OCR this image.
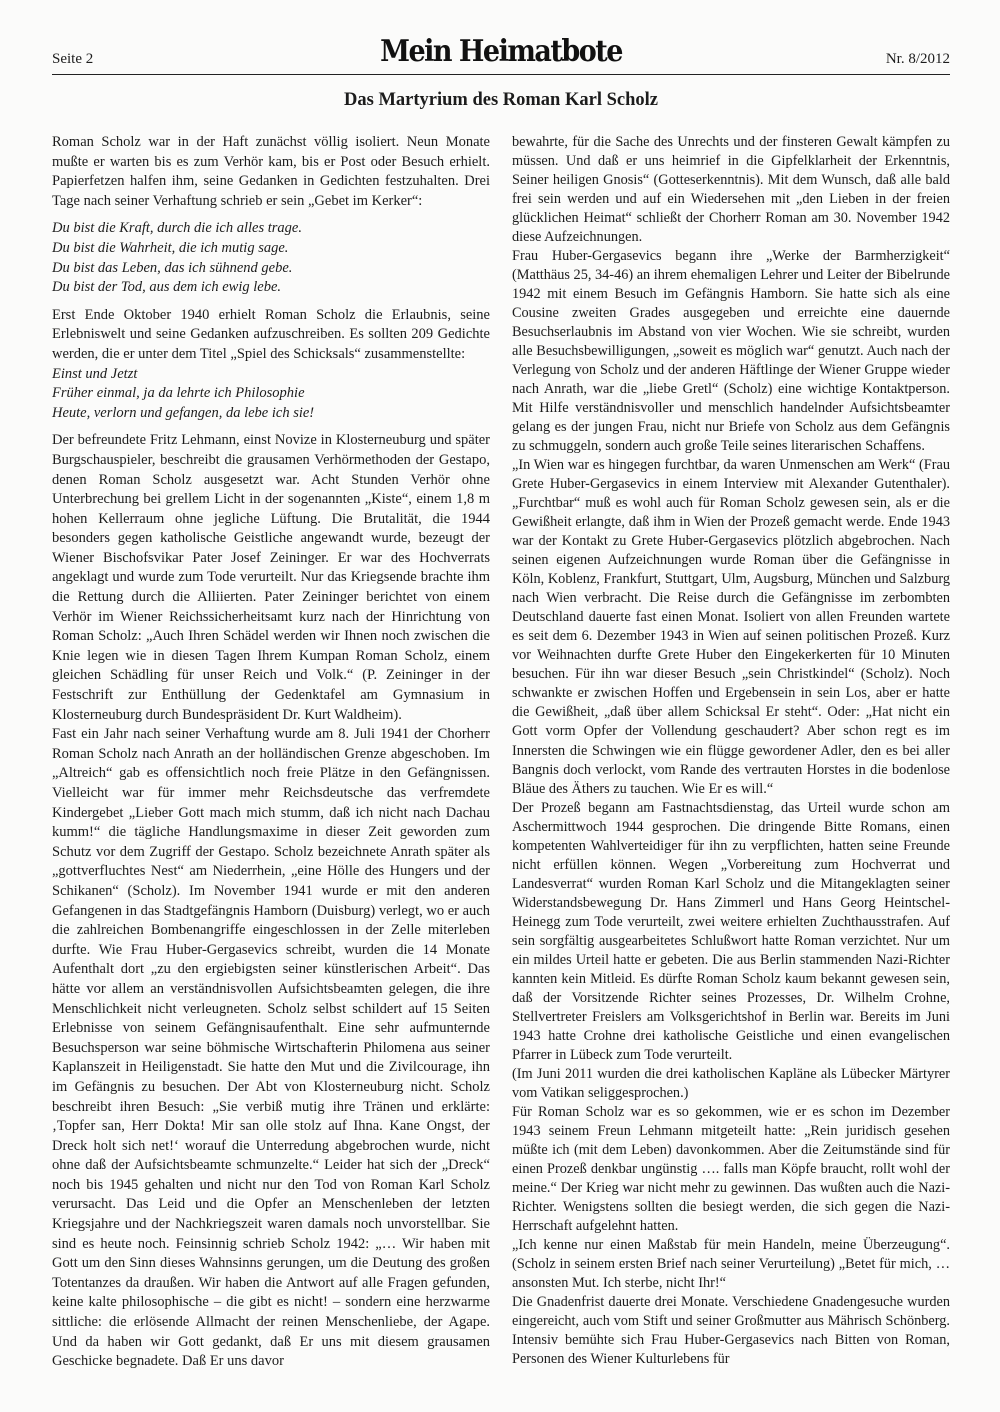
Seite 2	Mein Heimatbote	Nr. 8/2012
Das Martyrium des Roman Karl Scholz

Roman Scholz war in der Haft zunächst völlig isoliert. Neun Monate mußte er warten bis es zum Verhör kam, bis er Post oder Besuch erhielt. Papierfetzen halfen ihm, seine Gedanken in Gedichten festzuhalten. Drei Tage nach seiner Verhaftung schrieb er sein „Gebet im Kerker“:

Du bist die Kraft, durch die ich alles trage.
Du bist die Wahrheit, die ich mutig sage.
Du bist das Leben, das ich sühnend gebe.
Du bist der Tod, aus dem ich ewig lebe.

Erst Ende Oktober 1940 erhielt Roman Scholz die Erlaubnis, seine Erlebniswelt und seine Gedanken aufzuschreiben. Es sollten 209 Gedichte werden, die er unter dem Titel „Spiel des Schicksals“ zusammenstellte:

Einst und Jetzt
Früher einmal, ja da lehrte ich Philosophie
Heute, verlorn und gefangen, da lebe ich sie!

Der befreundete Fritz Lehmann, einst Novize in Klosterneuburg und später Burgschauspieler, beschreibt die grausamen Verhörmethoden der Gestapo, denen Roman Scholz ausgesetzt war. Acht Stunden Verhör ohne Unterbrechung bei grellem Licht in der sogenannten „Kiste“, einem 1,8 m hohen Kellerraum ohne jegliche Lüftung. Die Brutalität, die 1944 besonders gegen katholische Geistliche angewandt wurde, bezeugt der Wiener Bischofsvikar Pater Josef Zeininger. Er war des Hochverrats angeklagt und wurde zum Tode verurteilt. Nur das Kriegsende brachte ihm die Rettung durch die Alliierten. Pater Zeininger berichtet von einem Verhör im Wiener Reichssicherheitsamt kurz nach der Hinrichtung von Roman Scholz: „Auch Ihren Schädel werden wir Ihnen noch zwischen die Knie legen wie in diesen Tagen Ihrem Kumpan Roman Scholz, einem gleichen Schädling für unser Reich und Volk.“ (P. Zeininger in der Festschrift zur Enthüllung der Gedenktafel am Gymnasium in Klosterneuburg durch Bundespräsident Dr. Kurt Waldheim).

Fast ein Jahr nach seiner Verhaftung wurde am 8. Juli 1941 der Chorherr Roman Scholz nach Anrath an der holländischen Grenze abgeschoben. Im „Altreich“ gab es offensichtlich noch freie Plätze in den Gefängnissen. Vielleicht war für immer mehr Reichsdeutsche das verfremdete Kindergebet „Lieber Gott mach mich stumm, daß ich nicht nach Dachau kumm!“ die tägliche Handlungsmaxime in dieser Zeit geworden zum Schutz vor dem Zugriff der Gestapo. Scholz bezeichnete Anrath später als „gottverfluchtes Nest“ am Niederrhein, „eine Hölle des Hungers und der Schikanen“ (Scholz). Im November 1941 wurde er mit den anderen Gefangenen in das Stadtgefängnis Hamborn (Duisburg) verlegt, wo er auch die zahlreichen Bombenangriffe eingeschlossen in der Zelle miterleben durfte. Wie Frau Huber-Gergasevics schreibt, wurden die 14 Monate Aufenthalt dort „zu den ergiebigsten seiner künstlerischen Arbeit“. Das hätte vor allem an verständnisvollen Aufsichtsbeamten gelegen, die ihre Menschlichkeit nicht verleugneten. Scholz selbst schildert auf 15 Seiten Erlebnisse von seinem Gefängnisaufenthalt. Eine sehr aufmunternde Besuchsperson war seine böhmische Wirtschafterin Philomena aus seiner Kaplanszeit in Heiligenstadt. Sie hatte den Mut und die Zivilcourage, ihn im Gefängnis zu besuchen. Der Abt von Klosterneuburg nicht. Scholz beschreibt ihren Besuch: „Sie verbiß mutig ihre Tränen und erklärte: ‚Topfer san, Herr Dokta! Mir san olle stolz auf Ihna. Kane Ongst, der Dreck holt sich net!‘ worauf die Unterredung abgebrochen wurde, nicht ohne daß der Aufsichtsbeamte schmunzelte.“ Leider hat sich der „Dreck“ noch bis 1945 gehalten und nicht nur den Tod von Roman Karl Scholz verursacht. Das Leid und die Opfer an Menschenleben der letzten Kriegsjahre und der Nachkriegszeit waren damals noch unvorstellbar. Sie sind es heute noch. Feinsinnig schrieb Scholz 1942: „… Wir haben mit Gott um den Sinn dieses Wahnsinns gerungen, um die Deutung des großen Totentanzes da draußen. Wir haben die Antwort auf alle Fragen gefunden, keine kalte philosophische – die gibt es nicht! – sondern eine herzwarme sittliche: die erlösende Allmacht der reinen Menschenliebe, der Agape. Und da haben wir Gott gedankt, daß Er uns mit diesem grausamen Geschicke begnadete. Daß Er uns davor

bewahrte, für die Sache des Unrechts und der finsteren Gewalt kämpfen zu müssen. Und daß er uns heimrief in die Gipfelklarheit der Erkenntnis, Seiner heiligen Gnosis“ (Gotteserkenntnis). Mit dem Wunsch, daß alle bald frei sein werden und auf ein Wiedersehen mit „den Lieben in der freien glücklichen Heimat“ schließt der Chorherr Roman am 30. November 1942 diese Aufzeichnungen.

Frau Huber-Gergasevics begann ihre „Werke der Barmherzigkeit“ (Matthäus 25, 34-46) an ihrem ehemaligen Lehrer und Leiter der Bibelrunde 1942 mit einem Besuch im Gefängnis Hamborn. Sie hatte sich als eine Cousine zweiten Grades ausgegeben und erreichte eine dauernde Besuchserlaubnis im Abstand von vier Wochen. Wie sie schreibt, wurden alle Besuchsbewilligungen, „soweit es möglich war“ genutzt. Auch nach der Verlegung von Scholz und der anderen Häftlinge der Wiener Gruppe wieder nach Anrath, war die „liebe Gretl“ (Scholz) eine wichtige Kontaktperson. Mit Hilfe verständnisvoller und menschlich handelnder Aufsichtsbeamter gelang es der jungen Frau, nicht nur Briefe von Scholz aus dem Gefängnis zu schmuggeln, sondern auch große Teile seines literarischen Schaffens.

„In Wien war es hingegen furchtbar, da waren Unmenschen am Werk“ (Frau Grete Huber-Gergasevics in einem Interview mit Alexander Gutenthaler). „Furchtbar“ muß es wohl auch für Roman Scholz gewesen sein, als er die Gewißheit erlangte, daß ihm in Wien der Prozeß gemacht werde. Ende 1943 war der Kontakt zu Grete Huber-Gergasevics plötzlich abgebrochen. Nach seinen eigenen Aufzeichnungen wurde Roman über die Gefängnisse in Köln, Koblenz, Frankfurt, Stuttgart, Ulm, Augsburg, München und Salzburg nach Wien verbracht. Die Reise durch die Gefängnisse im zerbombten Deutschland dauerte fast einen Monat. Isoliert von allen Freunden wartete es seit dem 6. Dezember 1943 in Wien auf seinen politischen Prozeß. Kurz vor Weihnachten durfte Grete Huber den Eingekerkerten für 10 Minuten besuchen. Für ihn war dieser Besuch „sein Christkindel“ (Scholz). Noch schwankte er zwischen Hoffen und Ergebensein in sein Los, aber er hatte die Gewißheit, „daß über allem Schicksal Er steht“. Oder: „Hat nicht ein Gott vorm Opfer der Vollendung geschaudert? Aber schon regt es im Innersten die Schwingen wie ein flügge gewordener Adler, den es bei aller Bangnis doch verlockt, vom Rande des vertrauten Horstes in die bodenlose Bläue des Äthers zu tauchen. Wie Er es will.“

Der Prozeß begann am Fastnachtsdienstag, das Urteil wurde schon am Aschermittwoch 1944 gesprochen. Die dringende Bitte Romans, einen kompetenten Wahlverteidiger für ihn zu verpflichten, hatten seine Freunde nicht erfüllen können. Wegen „Vorbereitung zum Hochverrat und Landesverrat“ wurden Roman Karl Scholz und die Mitangeklagten seiner Widerstandsbewegung Dr. Hans Zimmerl und Hans Georg Heintschel-Heinegg zum Tode verurteilt, zwei weitere erhielten Zuchthausstrafen. Auf sein sorgfältig ausgearbeitetes Schlußwort hatte Roman verzichtet. Nur um ein mildes Urteil hatte er gebeten. Die aus Berlin stammenden Nazi-Richter kannten kein Mitleid. Es dürfte Roman Scholz kaum bekannt gewesen sein, daß der Vorsitzende Richter seines Prozesses, Dr. Wilhelm Crohne, Stellvertreter Freislers am Volksgerichtshof in Berlin war. Bereits im Juni 1943 hatte Crohne drei katholische Geistliche und einen evangelischen Pfarrer in Lübeck zum Tode verurteilt.

(Im Juni 2011 wurden die drei katholischen Kapläne als Lübecker Märtyrer vom Vatikan seliggesprochen.)

Für Roman Scholz war es so gekommen, wie er es schon im Dezember 1943 seinem Freun Lehmann mitgeteilt hatte: „Rein juridisch gesehen müßte ich (mit dem Leben) davonkommen. Aber die Zeitumstände sind für einen Prozeß denkbar ungünstig …. falls man Köpfe braucht, rollt wohl der meine.“ Der Krieg war nicht mehr zu gewinnen. Das wußten auch die Nazi-Richter. Wenigstens sollten die besiegt werden, die sich gegen die Nazi-Herrschaft aufgelehnt hatten.

„Ich kenne nur einen Maßstab für mein Handeln, meine Überzeugung“. (Scholz in seinem ersten Brief nach seiner Verurteilung) „Betet für mich, … ansonsten Mut. Ich sterbe, nicht Ihr!“

Die Gnadenfrist dauerte drei Monate. Verschiedene Gnadengesuche wurden eingereicht, auch vom Stift und seiner Großmutter aus Mährisch Schönberg. Intensiv bemühte sich Frau Huber-Gergasevics nach Bitten von Roman, Personen des Wiener Kulturlebens für
